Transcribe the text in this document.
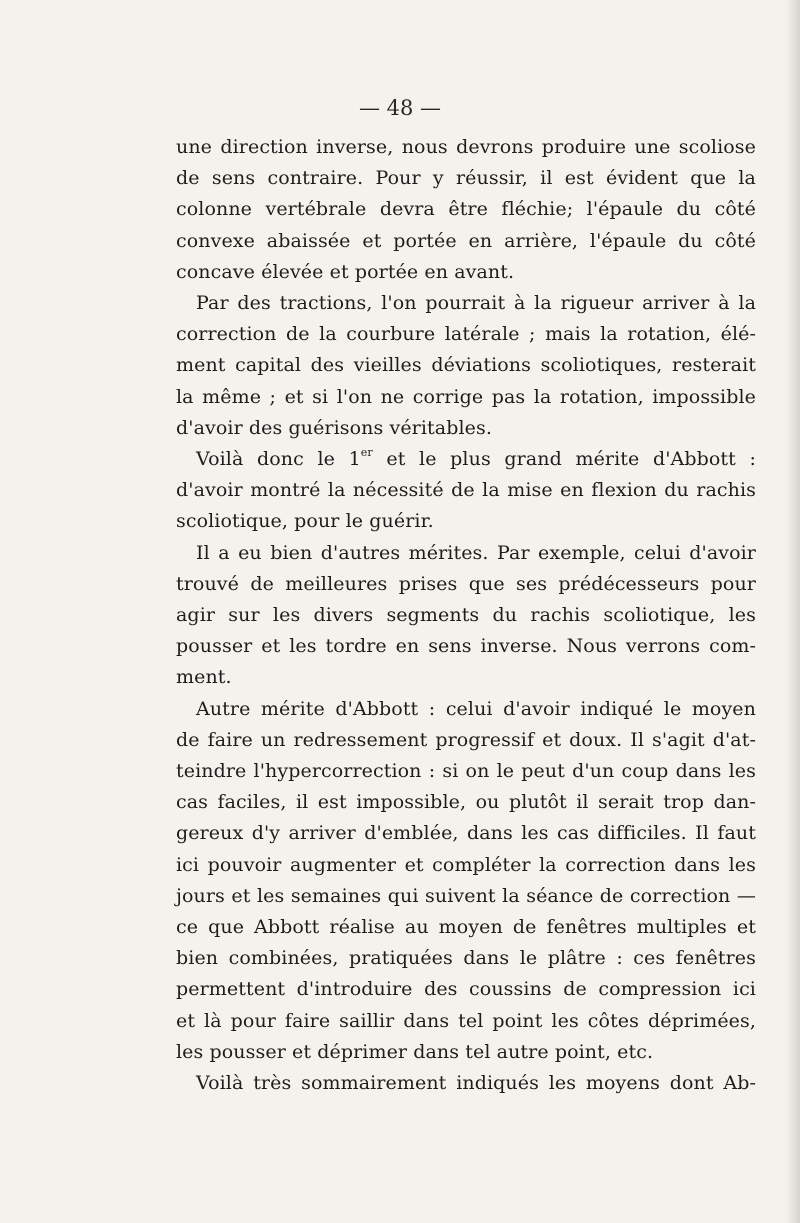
— 48 —
une direction inverse, nous devrons produire une scoliose
de sens contraire. Pour y réussir, il est évident que la
colonne vertébrale devra être fléchie; l'épaule du côté
convexe abaissée et portée en arrière, l'épaule du côté
concave élevée et portée en avant.
Par des tractions, l'on pourrait à la rigueur arriver à la
correction de la courbure latérale ; mais la rotation, élé-
ment capital des vieilles déviations scoliotiques, resterait
la même ; et si l'on ne corrige pas la rotation, impossible
d'avoir des guérisons véritables.
Voilà donc le 1er et le plus grand mérite d'Abbott :
d'avoir montré la nécessité de la mise en flexion du rachis
scoliotique, pour le guérir.
Il a eu bien d'autres mérites. Par exemple, celui d'avoir
trouvé de meilleures prises que ses prédécesseurs pour
agir sur les divers segments du rachis scoliotique, les
pousser et les tordre en sens inverse. Nous verrons com-
ment.
Autre mérite d'Abbott : celui d'avoir indiqué le moyen
de faire un redressement progressif et doux. Il s'agit d'at-
teindre l'hypercorrection : si on le peut d'un coup dans les
cas faciles, il est impossible, ou plutôt il serait trop dan-
gereux d'y arriver d'emblée, dans les cas difficiles. Il faut
ici pouvoir augmenter et compléter la correction dans les
jours et les semaines qui suivent la séance de correction —
ce que Abbott réalise au moyen de fenêtres multiples et
bien combinées, pratiquées dans le plâtre : ces fenêtres
permettent d'introduire des coussins de compression ici
et là pour faire saillir dans tel point les côtes déprimées,
les pousser et déprimer dans tel autre point, etc.
Voilà très sommairement indiqués les moyens dont Ab-
